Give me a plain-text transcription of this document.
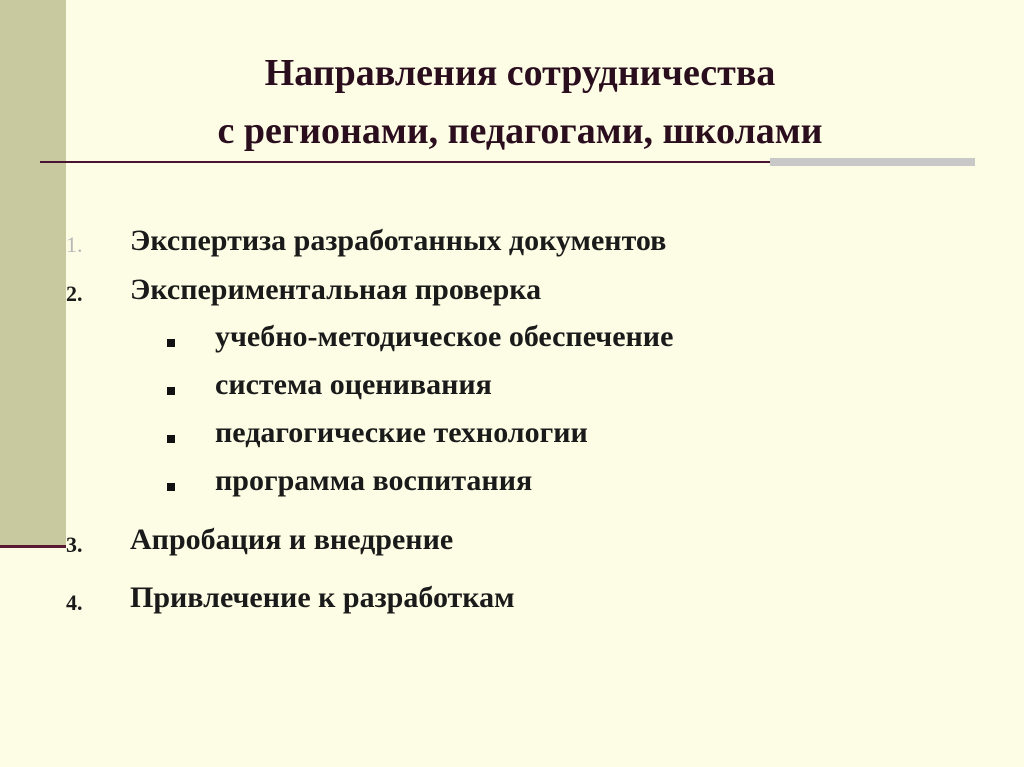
Направления сотрудничества
с регионами, педагогами, школами
1. Экспертиза разработанных документов
2. Экспериментальная проверка
учебно-методическое обеспечение
система оценивания
педагогические технологии
программа воспитания
3. Апробация и внедрение
4. Привлечение к разработкам
